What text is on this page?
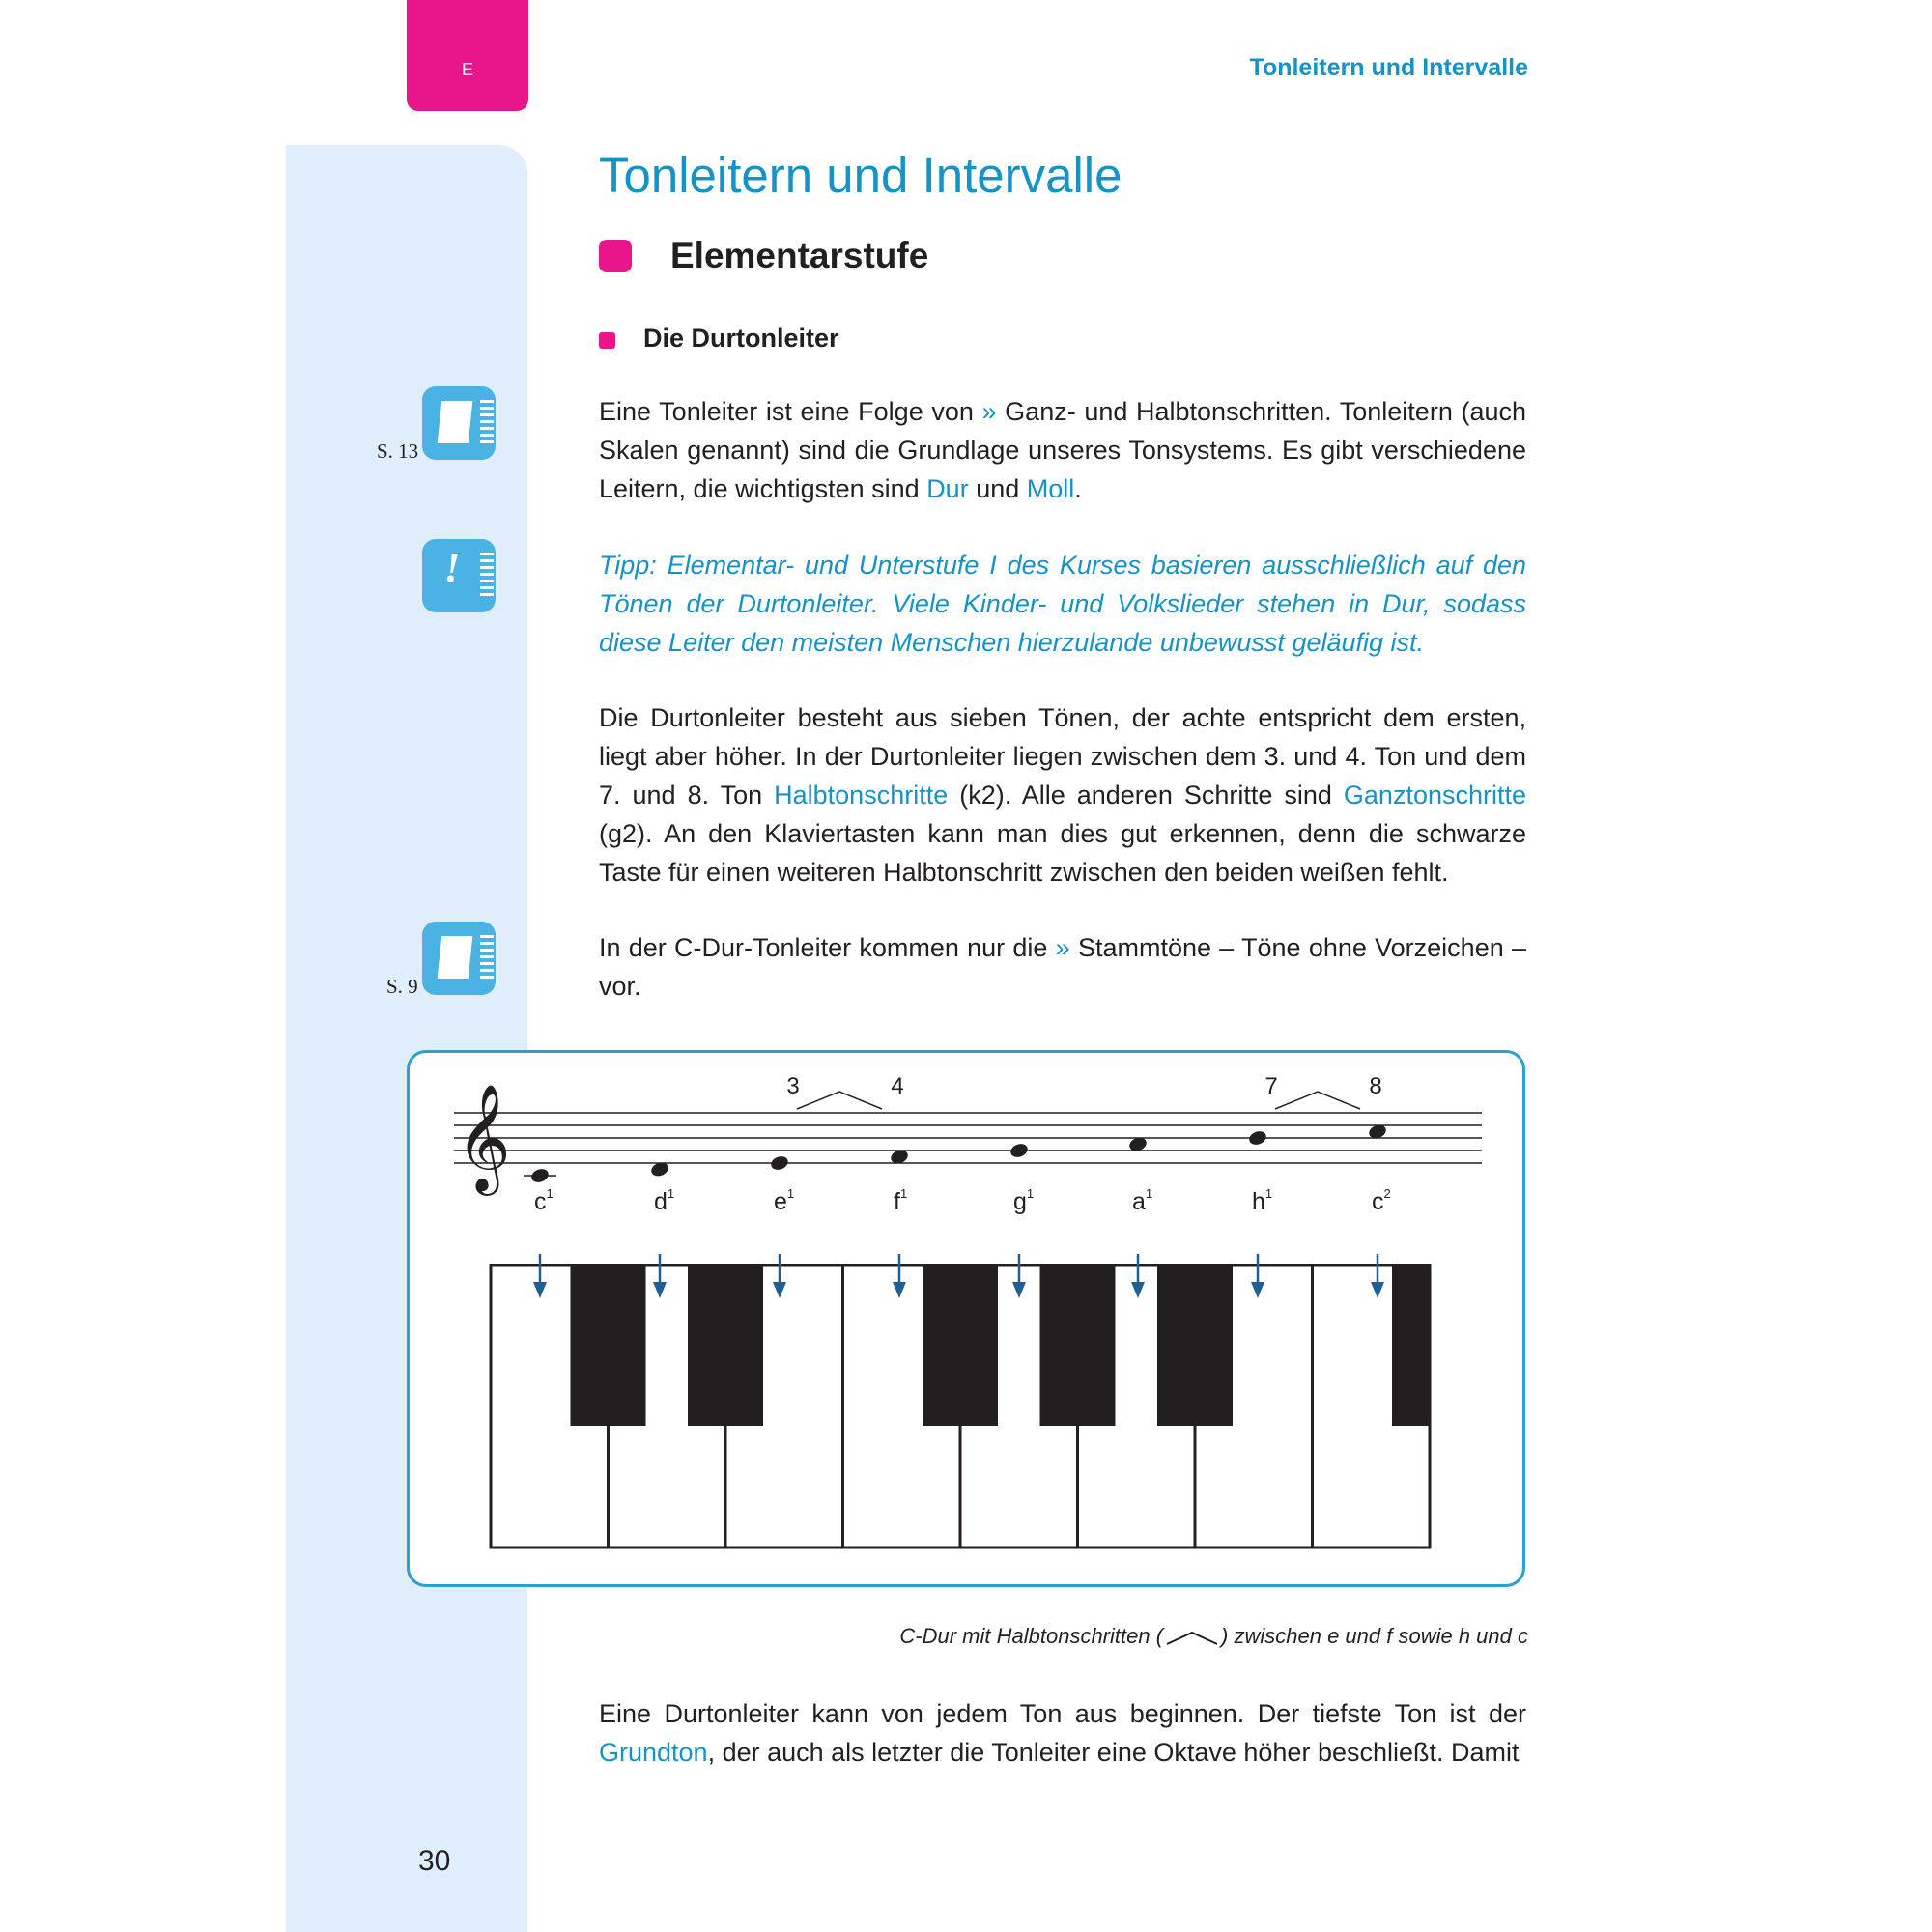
E	Tonleitern und Intervalle
Tonleitern und Intervalle
Elementarstufe
Die Durtonleiter
S. 13
!
S. 9

Eine Tonleiter ist eine Folge von » Ganz- und Halbtonschritten. Tonleitern (auch Skalen genannt) sind die Grundlage unseres Tonsystems. Es gibt verschiedene Leitern, die wichtigsten sind Dur und Moll.

Tipp: Elementar- und Unterstufe I des Kurses basieren ausschließlich auf den Tönen der Durtonleiter. Viele Kinder- und Volkslieder stehen in Dur, sodass diese Leiter den meisten Menschen hierzulande unbewusst geläufig ist.

Die Durtonleiter besteht aus sieben Tönen, der achte entspricht dem ersten, liegt aber höher. In der Durtonleiter liegen zwischen dem 3. und 4. Ton und dem 7. und 8. Ton Halbtonschritte (k2). Alle anderen Schritte sind Ganztonschritte (g2). An den Klaviertasten kann man dies gut erkennen, denn die schwarze Taste für einen weiteren Halbtonschritt zwischen den beiden weißen fehlt.

In der C-Dur-Tonleiter kommen nur die » Stammtöne – Töne ohne Vorzeichen – vor.

𝄞	3	4	7	8
$c^1$	$d^1$	$e^1$	$f^1$	$g^1$	$a^1$	$h^1$	$c^2$
C-Dur mit Halbtonschritten (	) zwischen e und f sowie h und c

Eine Durtonleiter kann von jedem Ton aus beginnen. Der tiefste Ton ist der Grundton, der auch als letzter die Tonleiter eine Oktave höher beschließt. Damit

30
